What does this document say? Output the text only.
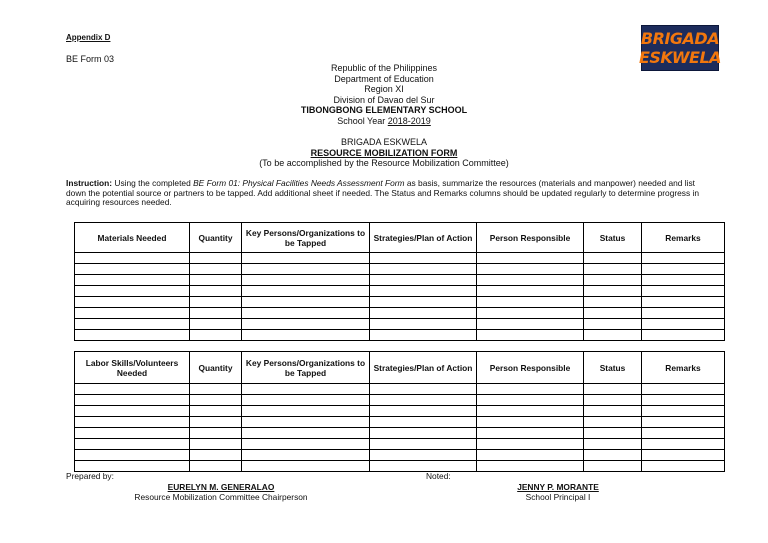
Appendix D
BE Form 03
BRIGADA
ESKWELA
Republic of the Philippines
Department of Education
Region XI
Division of Davao del Sur
TIBONGBONG ELEMENTARY SCHOOL
School Year 2018-2019
BRIGADA ESKWELA
RESOURCE MOBILIZATION FORM
(To be accomplished by the Resource Mobilization Committee)
Instruction: Using the completed BE Form 01: Physical Facilities Needs Assessment Form as basis, summarize the resources (materials and manpower) needed and list down the potential source or partners to be tapped. Add additional sheet if needed. The Status and Remarks columns should be updated regularly to determine progress in acquiring resources needed.
Materials Needed	Quantity	Key Persons/Organizations to be Tapped	Strategies/Plan of Action	Person Responsible	Status	Remarks

Labor Skills/Volunteers Needed	Quantity	Key Persons/Organizations to be Tapped	Strategies/Plan of Action	Person Responsible	Status	Remarks

Prepared by:
EURELYN M. GENERALAO
Resource Mobilization Committee Chairperson
Noted:
JENNY P. MORANTE
School Principal I
